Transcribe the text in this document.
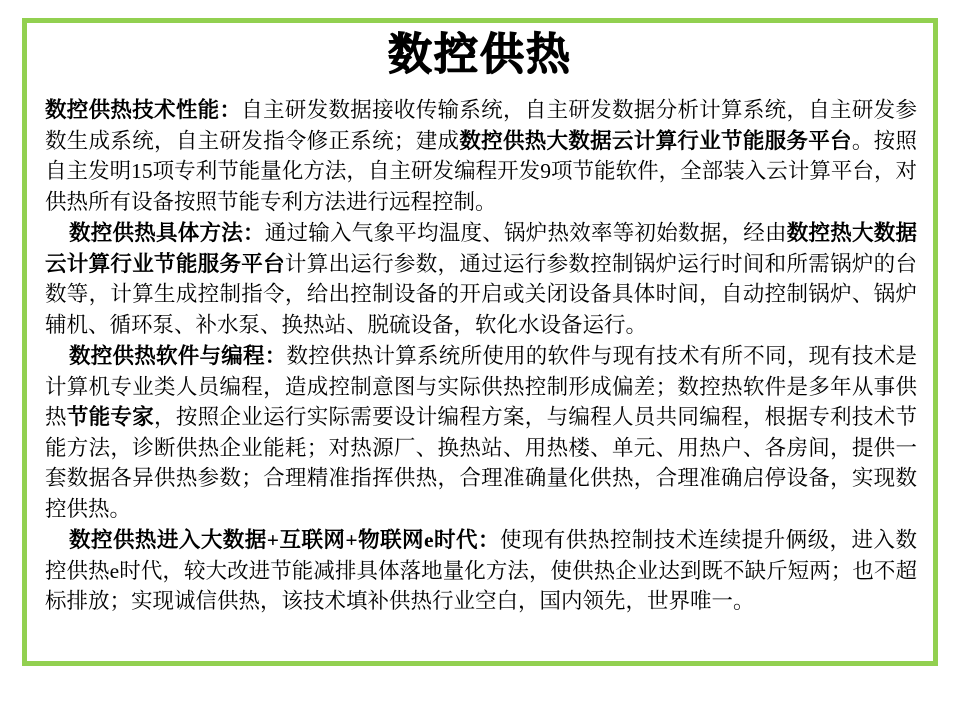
数控供热
数控供热技术性能：自主研发数据接收传输系统，自主研发数据分析计算系统，自主研发参数生成系统，自主研发指令修正系统；建成数控供热大数据云计算行业节能服务平台。按照自主发明15项专利节能量化方法，自主研发编程开发9项节能软件，全部装入云计算平台，对供热所有设备按照节能专利方法进行远程控制。
数控供热具体方法：通过输入气象平均温度、锅炉热效率等初始数据，经由数控热大数据云计算行业节能服务平台计算出运行参数，通过运行参数控制锅炉运行时间和所需锅炉的台数等，计算生成控制指令，给出控制设备的开启或关闭设备具体时间，自动控制锅炉、锅炉辅机、循环泵、补水泵、换热站、脱硫设备，软化水设备运行。
数控供热软件与编程：数控供热计算系统所使用的软件与现有技术有所不同，现有技术是计算机专业类人员编程，造成控制意图与实际供热控制形成偏差；数控热软件是多年从事供热节能专家，按照企业运行实际需要设计编程方案，与编程人员共同编程，根据专利技术节能方法，诊断供热企业能耗；对热源厂、换热站、用热楼、单元、用热户、各房间，提供一套数据各异供热参数；合理精准指挥供热，合理准确量化供热，合理准确启停设备，实现数控供热。
数控供热进入大数据+互联网+物联网e时代：使现有供热控制技术连续提升俩级，进入数控供热e时代，较大改进节能减排具体落地量化方法，使供热企业达到既不缺斤短两；也不超标排放；实现诚信供热，该技术填补供热行业空白，国内领先，世界唯一。
